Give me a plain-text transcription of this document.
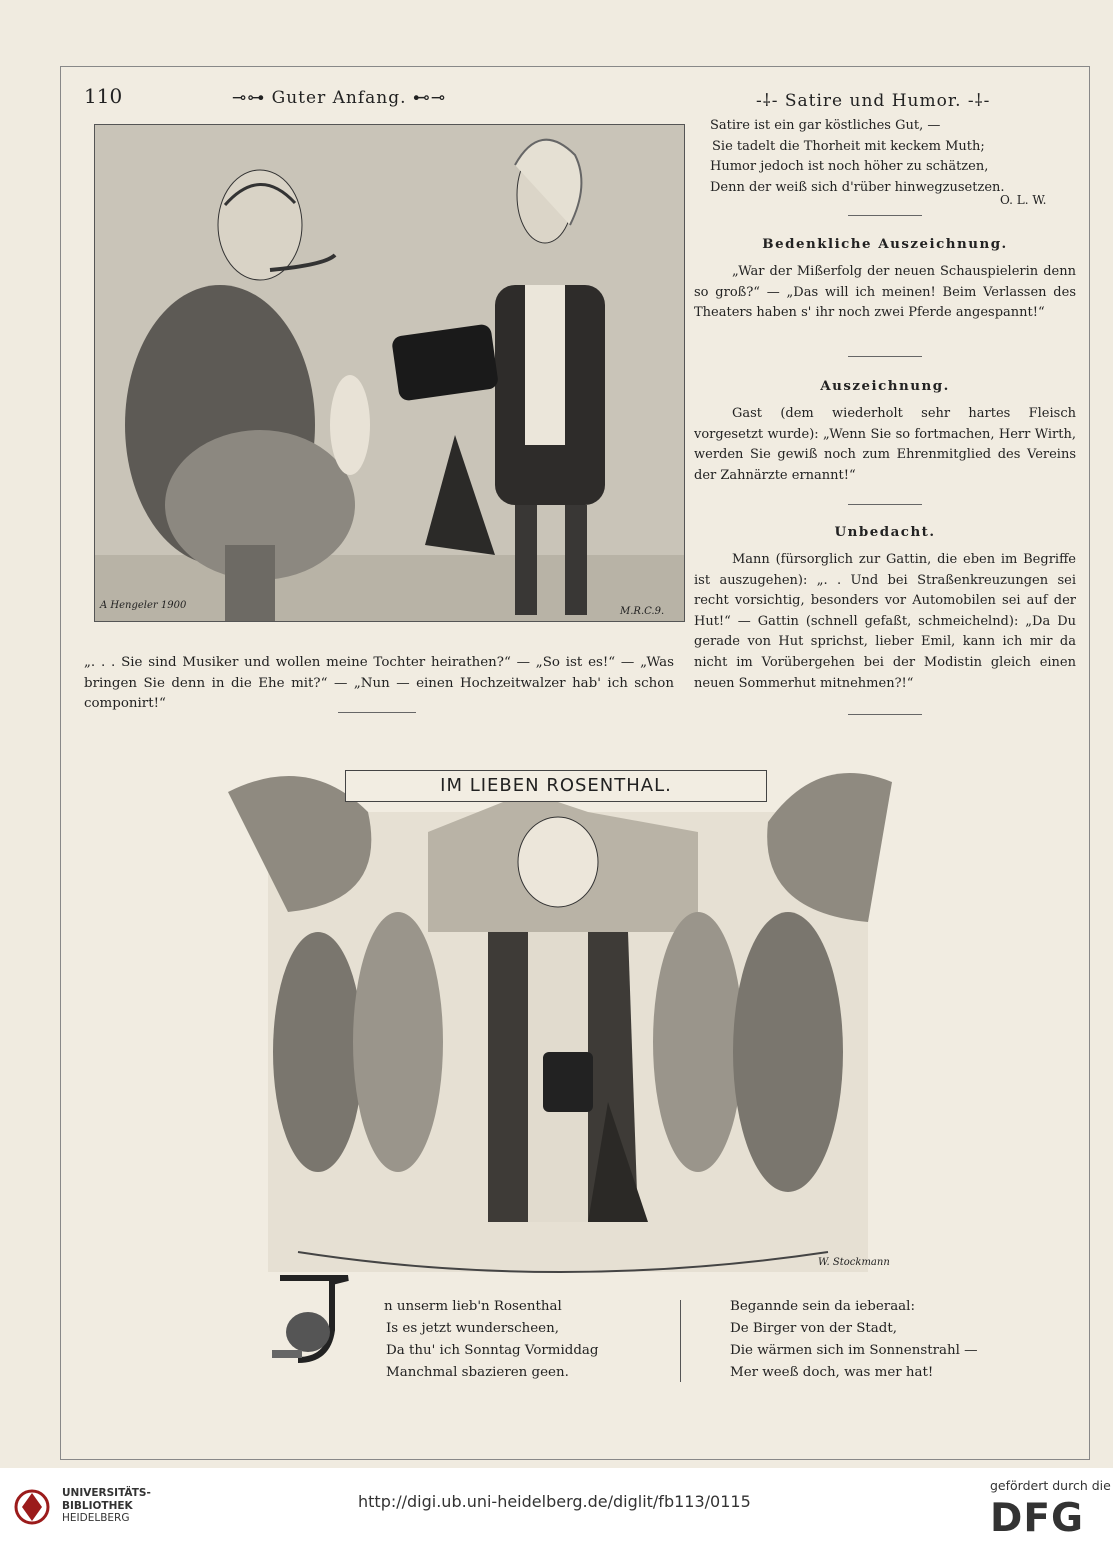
110	⊸⊶ Guter Anfang. ⊷⊸	-⸸- Satire und Humor. -⸸-
A Hengeler 1900
M.R.C.9.
„. . . Sie sind Musiker und wollen meine Tochter heirathen?“ — „So ist es!“ — „Was bringen Sie denn in die Ehe mit?“ — „Nun — einen Hochzeitwalzer hab' ich schon componirt!“
Satire ist ein gar köstliches Gut, —
Sie tadelt die Thorheit mit keckem Muth;
Humor jedoch ist noch höher zu schätzen,
Denn der weiß sich d'rüber hinwegzusetzen.
O. L. W.
Bedenkliche Auszeichnung.
„War der Mißerfolg der neuen Schauspielerin denn so groß?“ — „Das will ich meinen! Beim Verlassen des Theaters haben s' ihr noch zwei Pferde angespannt!“
Auszeichnung.
Gast (dem wiederholt sehr hartes Fleisch vorgesetzt wurde): „Wenn Sie so fortmachen, Herr Wirth, werden Sie gewiß noch zum Ehrenmitglied des Vereins der Zahnärzte ernannt!“
Unbedacht.
Mann (fürsorglich zur Gattin, die eben im Begriffe ist auszugehen): „. . Und bei Straßenkreuzungen sei recht vorsichtig, besonders vor Automobilen sei auf der Hut!“ — Gattin (schnell gefaßt, schmeichelnd): „Da Du gerade von Hut sprichst, lieber Emil, kann ich mir da nicht im Vorübergehen bei der Modistin gleich einen neuen Sommerhut mitnehmen?!“
IM LIEBEN ROSENTHAL.
W. Stockmann
n unserm lieb'n Rosenthal
Is es jetzt wunderscheen,
Da thu' ich Sonntag Vormiddag
Manchmal sbazieren geen.
Begannde sein da ieberaal:
De Birger von der Stadt,
Die wärmen sich im Sonnenstrahl —
Mer weeß doch, was mer hat!
UNIVERSITÄTS-
BIBLIOTHEK
HEIDELBERG
http://digi.ub.uni-heidelberg.de/diglit/fb113/0115
gefördert durch die
DFG
